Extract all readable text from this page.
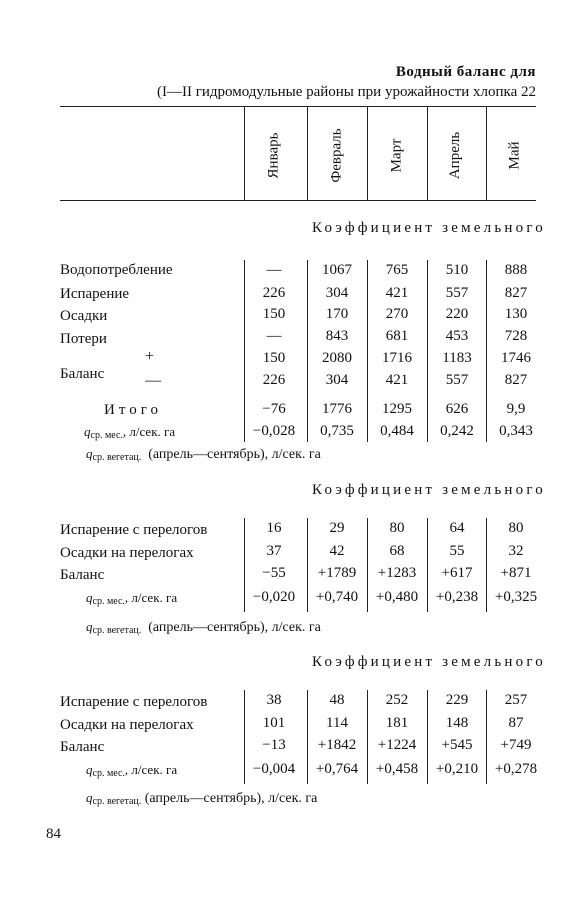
Водный баланс для
(I—II гидромодульные районы при урожайности хлопка 22
Январь	Февраль	Март	Апрель	Май
Коэффициент земельного
Водопотребление	—	1067	765	510	888
Испарение	226	304	421	557	827
Осадки	150	170	270	220	130
Потери	—	843	681	453	728
+	150	2080	1716	1183	1746
Баланс	—	226	304	421	557	827
Итого	−76	1776	1295	626	9,9
$q_{ср. мес.}$, л/сек. га	−0,028	0,735	0,484	0,242	0,343
$q_{ср. вегетац.}$ (апрель—сентябрь), л/сек. га
Коэффициент земельного
Испарение с перелогов	16	29	80	64	80
Осадки на перелогах	37	42	68	55	32
Баланс	−55	+1789	+1283	+617	+871
$q_{ср. мес.}$, л/сек. га	−0,020	+0,740	+0,480	+0,238	+0,325
$q_{ср. вегетац.}$ (апрель—сентябрь), л/сек. га
Коэффициент земельного
Испарение с перелогов	38	48	252	229	257
Осадки на перелогах	101	114	181	148	87
Баланс	−13	+1842	+1224	+545	+749
$q_{ср. мес.}$, л/сек. га	−0,004	+0,764	+0,458	+0,210	+0,278
$q_{ср. вегетац.}$ (апрель—сентябрь), л/сек. га
84
